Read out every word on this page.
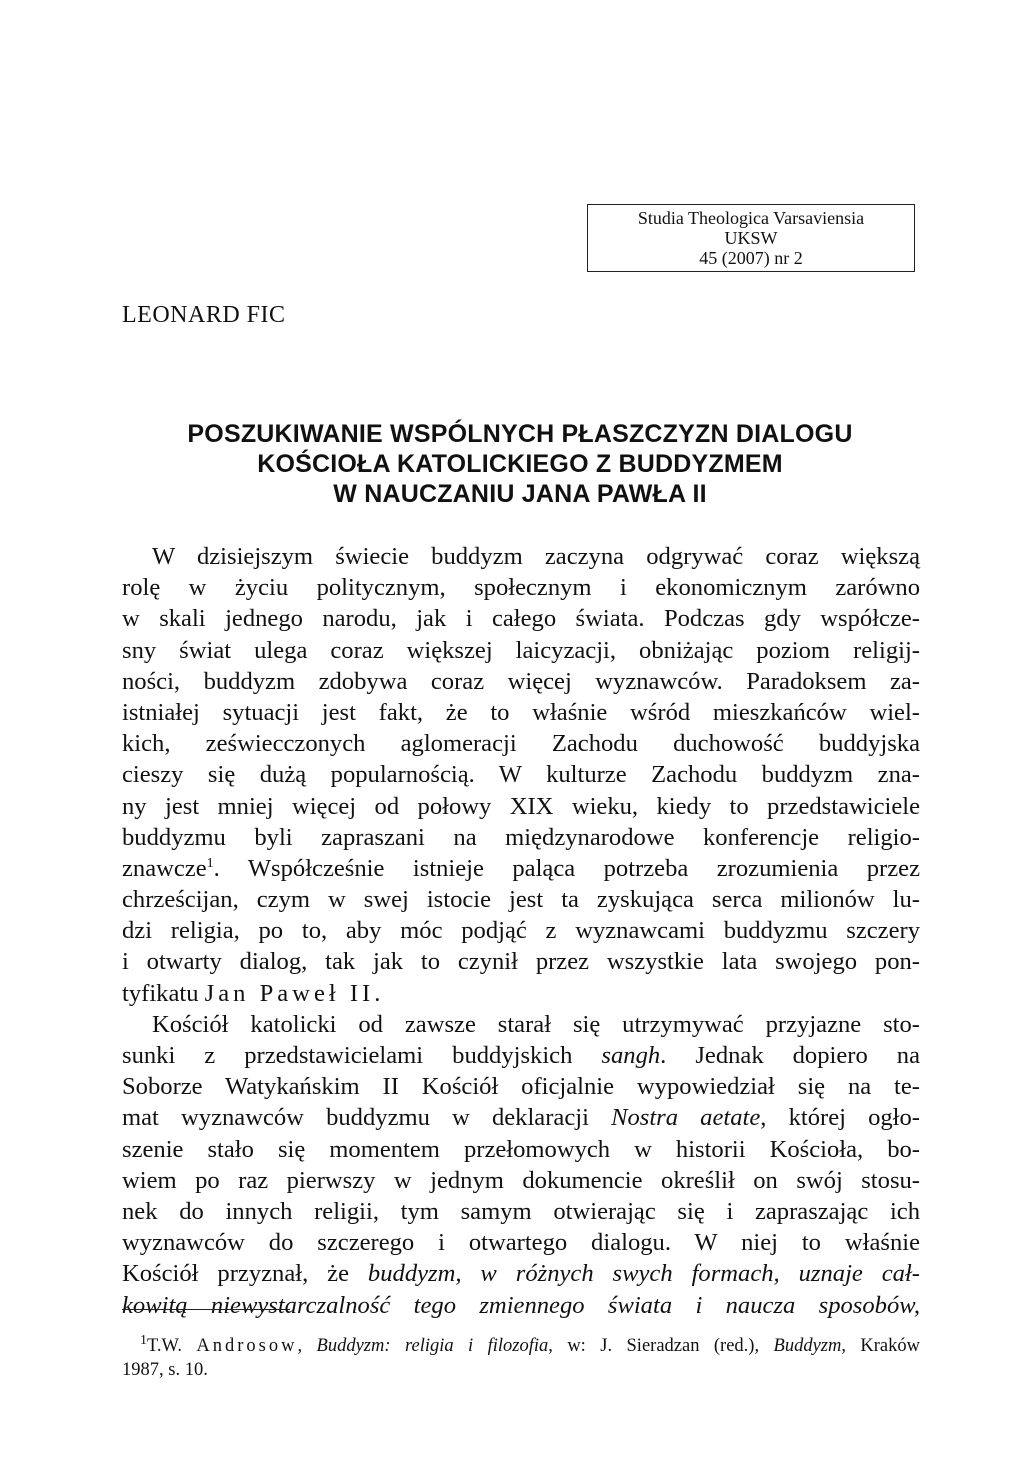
Studia Theologica Varsaviensia
UKSW
45 (2007) nr 2
LEONARD FIC
POSZUKIWANIE WSPÓLNYCH PŁASZCZYZN DIALOGU
KOŚCIOŁA KATOLICKIEGO Z BUDDYZMEM
W NAUCZANIU JANA PAWŁA II
W dzisiejszym świecie buddyzm zaczyna odgrywać coraz większą
rolę w życiu politycznym, społecznym i ekonomicznym zarówno
w skali jednego narodu, jak i całego świata. Podczas gdy współcze-
sny świat ulega coraz większej laicyzacji, obniżając poziom religij-
ności, buddyzm zdobywa coraz więcej wyznawców. Paradoksem za-
istniałej sytuacji jest fakt, że to właśnie wśród mieszkańców wiel-
kich, zeświecczonych aglomeracji Zachodu duchowość buddyjska
cieszy się dużą popularnością. W kulturze Zachodu buddyzm zna-
ny jest mniej więcej od połowy XIX wieku, kiedy to przedstawiciele
buddyzmu byli zapraszani na międzynarodowe konferencje religio-
znawcze$^1$. Współcześnie istnieje paląca potrzeba zrozumienia przez
chrześcijan, czym w swej istocie jest ta zyskująca serca milionów lu-
dzi religia, po to, aby móc podjąć z wyznawcami buddyzmu szczery
i otwarty dialog, tak jak to czynił przez wszystkie lata swojego pon-
tyfikatu Jan Paweł II.
Kościół katolicki od zawsze starał się utrzymywać przyjazne sto-
sunki z przedstawicielami buddyjskich sangh. Jednak dopiero na
Soborze Watykańskim II Kościół oficjalnie wypowiedział się na te-
mat wyznawców buddyzmu w deklaracji Nostra aetate, której ogło-
szenie stało się momentem przełomowych w historii Kościoła, bo-
wiem po raz pierwszy w jednym dokumencie określił on swój stosu-
nek do innych religii, tym samym otwierając się i zapraszając ich
wyznawców do szczerego i otwartego dialogu. W niej to właśnie
Kościół przyznał, że buddyzm, w różnych swych formach, uznaje cał-
kowitą niewystarczalność tego zmiennego świata i naucza sposobów,
$^1$T.W. Androsow, Buddyzm: religia i filozofia, w: J. Sieradzan (red.), Buddyzm, Kraków
1987, s. 10.
